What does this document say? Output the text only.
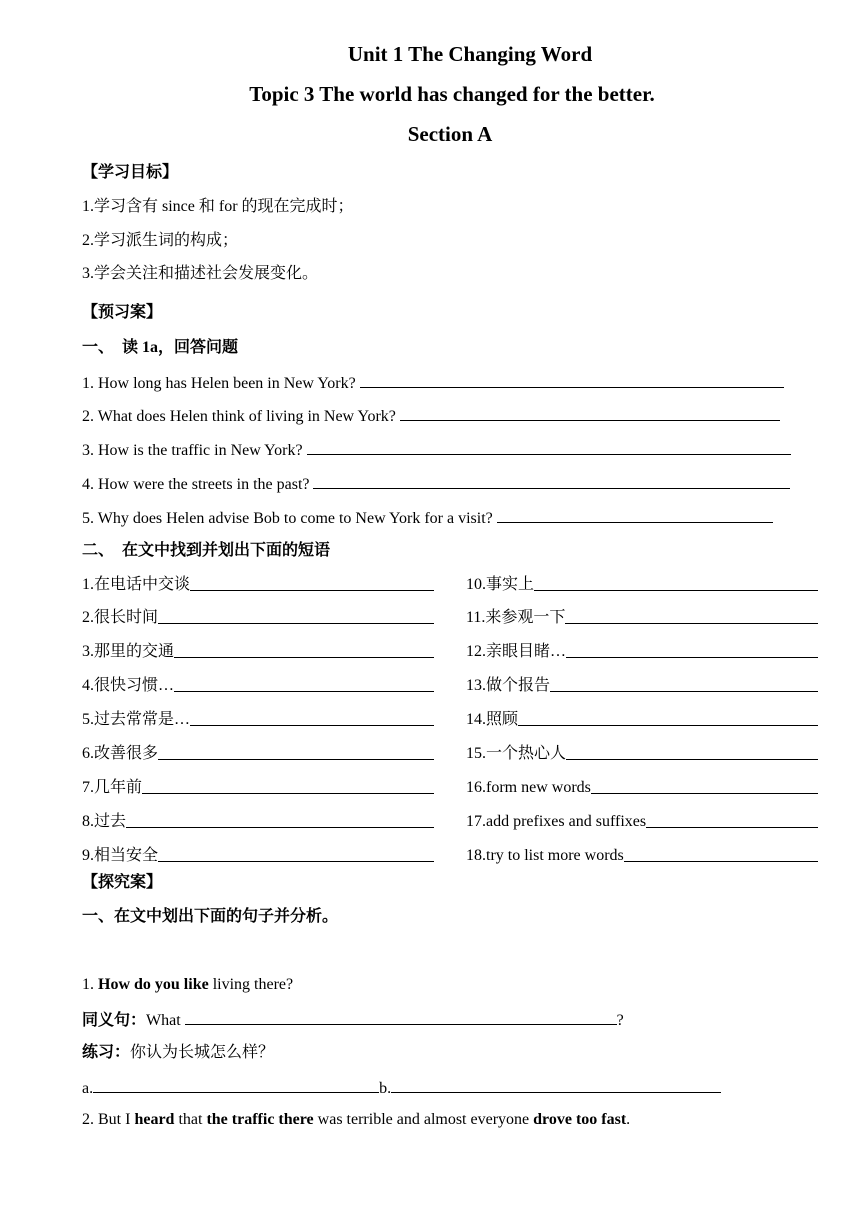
Unit 1 The Changing Word
Topic 3 The world has changed for the better.
Section A
【学习目标】
1.学习含有 since 和 for 的现在完成时；
2.学习派生词的构成；
3.学会关注和描述社会发展变化。
【预习案】
一、　读 1a，回答问题
1. How long has Helen been in New York?
2. What does Helen think of living in New York?
3. How is the traffic in New York?
4. How were the streets in the past?
5. Why does Helen advise Bob to come to New York for a visit?
二、　在文中找到并划出下面的短语
1.在电话中交谈
2.很长时间
3.那里的交通
4.很快习惯…
5.过去常常是…
6.改善很多
7.几年前
8.过去
9.相当安全
10.事实上
11.来参观一下
12.亲眼目睹…
13.做个报告
14.照顾
15.一个热心人
16.form new words
17.add prefixes and suffixes
18.try to list more words
【探究案】
一、在文中划出下面的句子并分析。
1. How do you like living there?
同义句：What	?
练习：你认为长城怎么样？
a.	b.
2. But I heard that the traffic there was terrible and almost everyone drove too fast.
